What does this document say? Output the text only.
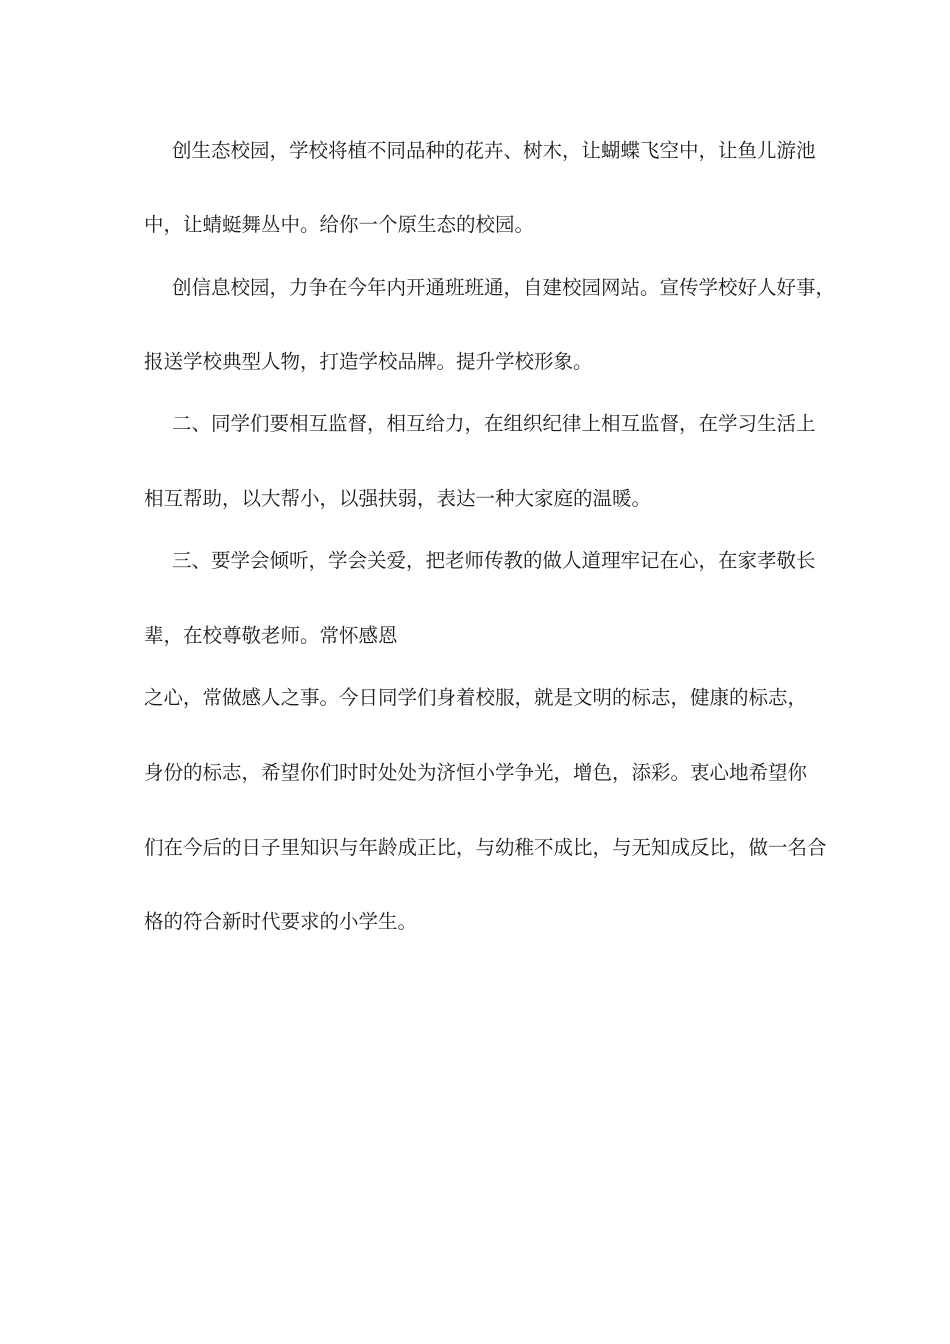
创生态校园，学校将植不同品种的花卉、树木，让蝴蝶飞空中，让鱼儿游池
中，让蜻蜓舞丛中。给你一个原生态的校园。
创信息校园，力争在今年内开通班班通，自建校园网站。宣传学校好人好事，
报送学校典型人物，打造学校品牌。提升学校形象。
二、同学们要相互监督，相互给力，在组织纪律上相互监督，在学习生活上
相互帮助，以大帮小，以强扶弱，表达一种大家庭的温暖。
三、要学会倾听，学会关爱，把老师传教的做人道理牢记在心，在家孝敬长
辈，在校尊敬老师。常怀感恩
之心，常做感人之事。今日同学们身着校服，就是文明的标志，健康的标志，
身份的标志，希望你们时时处处为济恒小学争光，增色，添彩。衷心地希望你
们在今后的日子里知识与年龄成正比，与幼稚不成比，与无知成反比，做一名合
格的符合新时代要求的小学生。
